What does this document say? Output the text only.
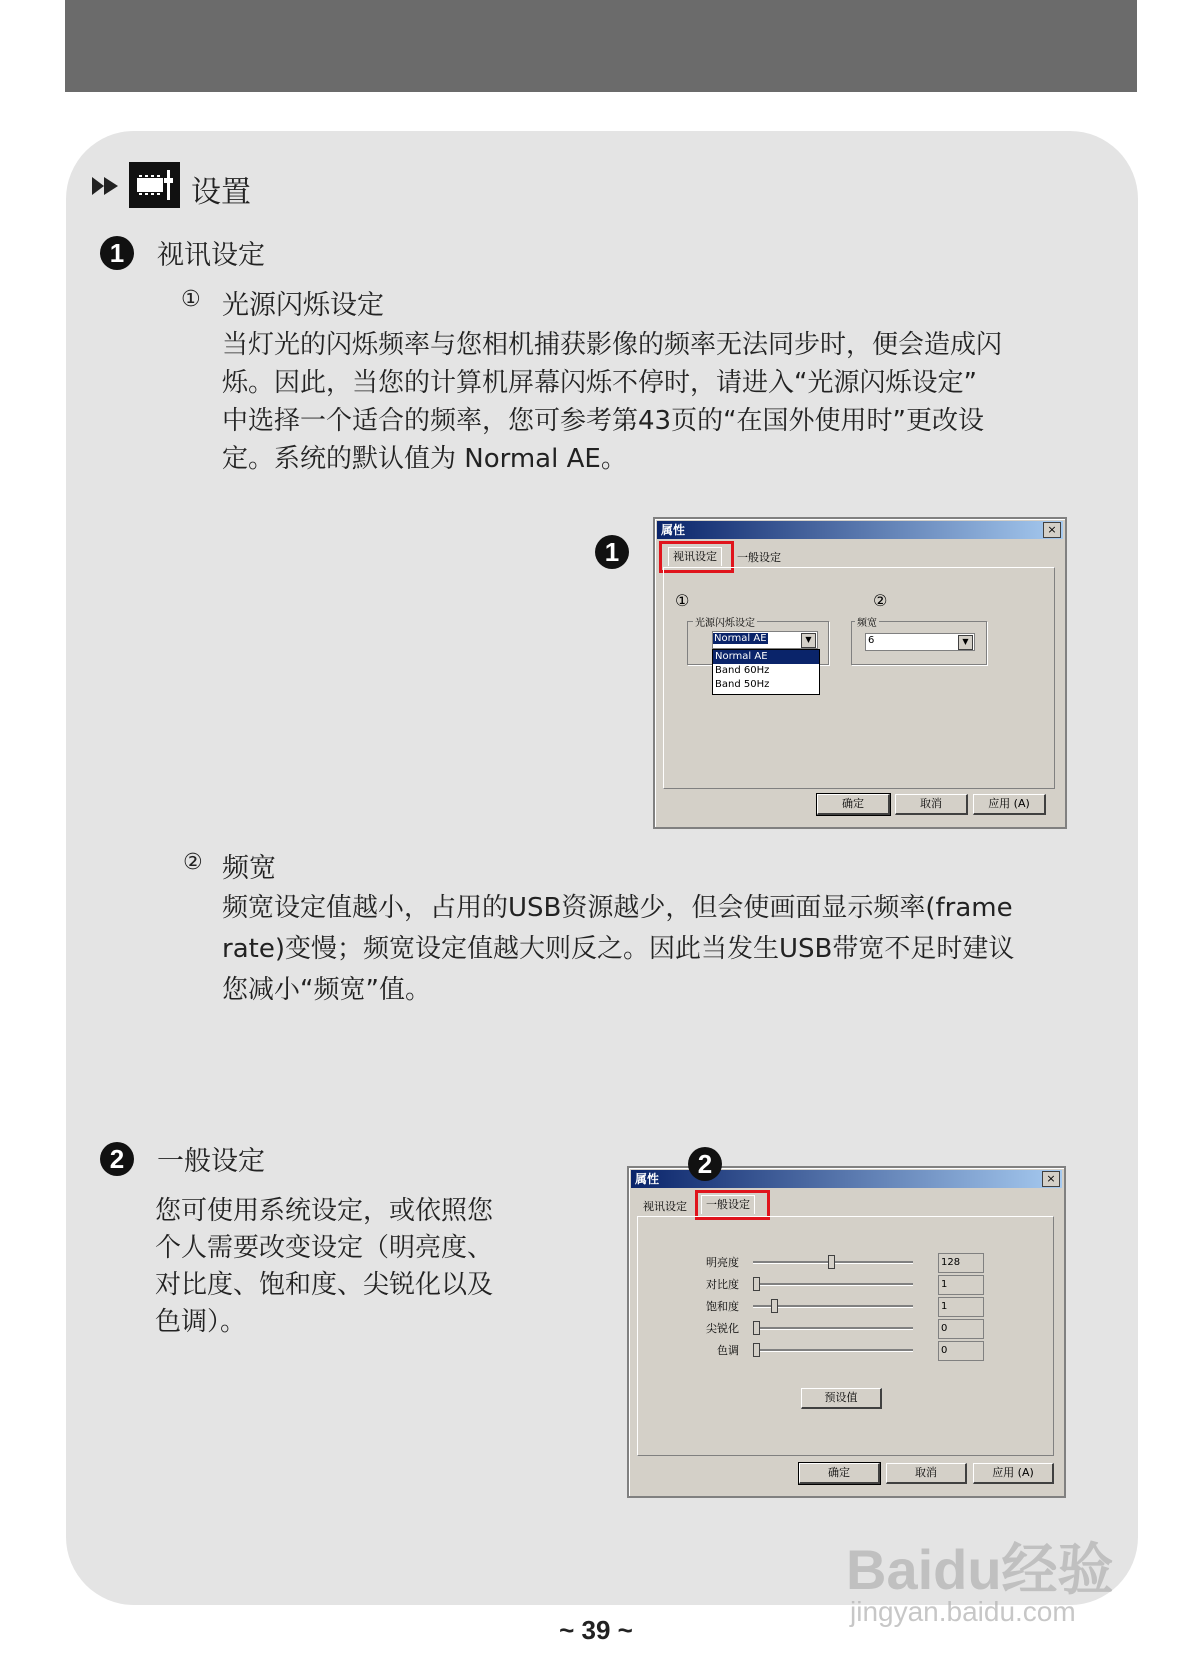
设置
1	视讯设定
① 光源闪烁设定

当灯光的闪烁频率与您相机捕获影像的频率无法同步时，便会造成闪

烁。因此，当您的计算机屏幕闪烁不停时，请进入“光源闪烁设定”

中选择一个适合的频率，您可参考第43页的“在国外使用时”更改设

定。系统的默认值为 Normal AE。

1
属性	×
视讯设定	一般设定
①
光源闪烁设定
Normal AE	▼
Normal AE
Band 60Hz
Band 50Hz
②
频宽
6	▼
确定	取消	应用 (A)
② 频宽

频宽设定值越小，占用的USB资源越少，但会使画面显示频率(frame

rate)变慢；频宽设定值越大则反之。因此当发生USB带宽不足时建议

您减小“频宽”值。

2	一般设定

您可使用系统设定，或依照您

个人需要改变设定（明亮度、

对比度、饱和度、尖锐化以及

色调）。

属性	×
视讯设定	一般设定
明亮度	128
对比度	1
饱和度	1
尖锐化	0
色调	0
预设值
确定	取消	应用 (A)
2
~ 39 ~
Baidu经验
jingyan.baidu.com
